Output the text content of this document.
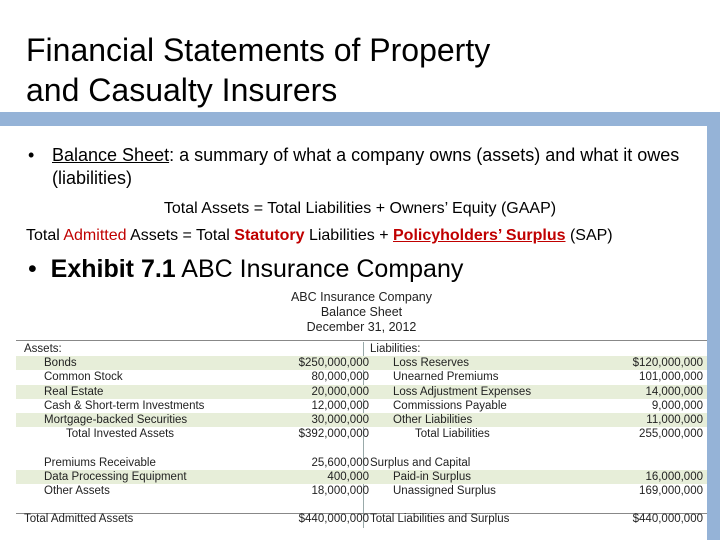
Financial Statements of Property
and Casualty Insurers
• Balance Sheet: a summary of what a company owns (assets) and what it owes (liabilities)
Total Assets = Total Liabilities + Owners’ Equity (GAAP)
Total Admitted Assets = Total Statutory Liabilities + Policyholders’ Surplus (SAP)
• Exhibit 7.1 ABC Insurance Company
ABC Insurance Company
Balance Sheet
December 31, 2012
Assets:	Liabilities:
Bonds	$250,000,000 Loss Reserves	$120,000,000
Common Stock	80,000,000 Unearned Premiums	101,000,000
Real Estate	20,000,000 Loss Adjustment Expenses	14,000,000
Cash & Short-term Investments	12,000,000 Commissions Payable	9,000,000
Mortgage-backed Securities	30,000,000 Other Liabilities	11,000,000
Total Invested Assets	$392,000,000	Total Liabilities	255,000,000
Premiums Receivable	25,600,000 Surplus and Capital
Data Processing Equipment	400,000 Paid-in Surplus	16,000,000
Other Assets	18,000,000 Unassigned Surplus	169,000,000
Total Admitted Assets	$440,000,000 Total Liabilities and Surplus	$440,000,000
